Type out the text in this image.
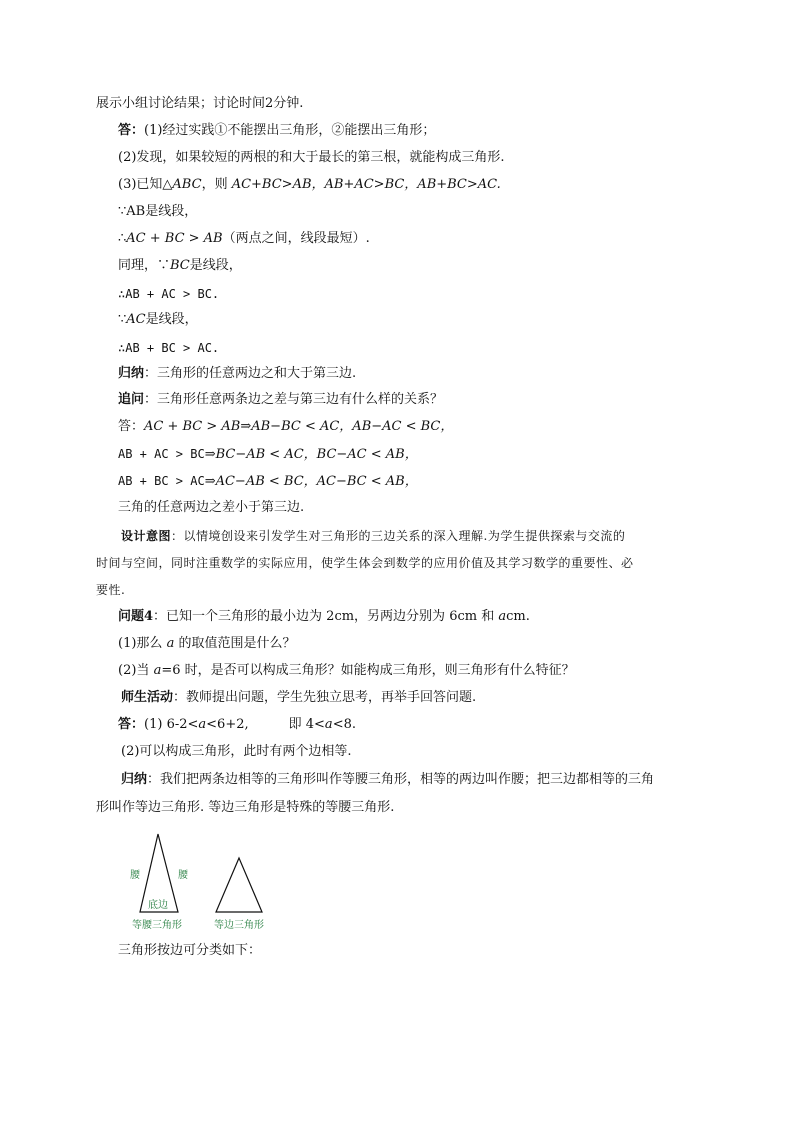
展示小组讨论结果；讨论时间2分钟.
答：(1)经过实践①不能摆出三角形，②能摆出三角形；
(2)发现，如果较短的两根的和大于最长的第三根，就能构成三角形.
(3)已知△ABC，则 AC+BC>AB，AB+AC>BC，AB+BC>AC.
∵AB是线段，
∴AC + BC > AB（两点之间，线段最短）.
同理，∵BC是线段，
∴AB + AC > BC.
∵AC是线段，
∴AB + BC > AC.
归纳：三角形的任意两边之和大于第三边.
追问：三角形任意两条边之差与第三边有什么样的关系？
答：AC + BC > AB⇒AB−BC < AC，AB−AC < BC，
AB + AC > BC⇒BC−AB < AC，BC−AC < AB，
AB + BC > AC⇒AC−AB < BC，AC−BC < AB，
三角的任意两边之差小于第三边.
设计意图：以情境创设来引发学生对三角形的三边关系的深入理解.为学生提供探索与交流的
时间与空间，同时注重数学的实际应用，使学生体会到数学的应用价值及其学习数学的重要性、必
要性.
问题4：已知一个三角形的最小边为 2cm，另两边分别为 6cm 和 acm.
(1)那么 a 的取值范围是什么？
(2)当 a=6 时，是否可以构成三角形？如能构成三角形，则三角形有什么特征？
师生活动：教师提出问题，学生先独立思考，再举手回答问题.
答：(1) 6-2<a<6+2,	即 4<a<8.
(2)可以构成三角形，此时有两个边相等.
归纳：我们把两条边相等的三角形叫作等腰三角形，相等的两边叫作腰；把三边都相等的三角
形叫作等边三角形. 等边三角形是特殊的等腰三角形.
腰	腰
底边
等腰三角形	等边三角形
三角形按边可分类如下：
